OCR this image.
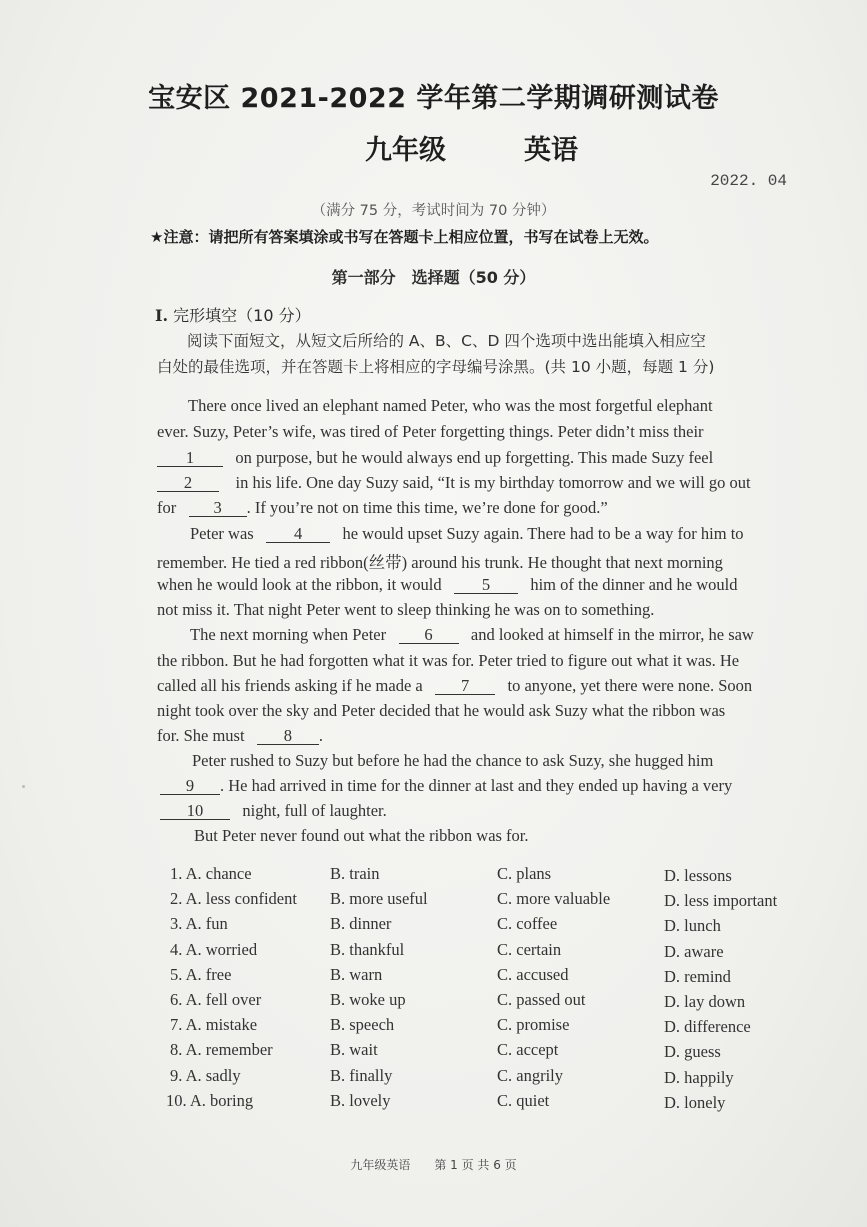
宝安区 2021-2022 学年第二学期调研测试卷
九年级	英语
2022. 04
（满分 75 分，考试时间为 70 分钟）
★注意：请把所有答案填涂或书写在答题卡上相应位置，书写在试卷上无效。
第一部分　选择题（50 分）
I. 完形填空（10 分）
阅读下面短文，从短文后所给的 A、B、C、D 四个选项中选出能填入相应空
白处的最佳选项，并在答题卡上将相应的字母编号涂黑。(共 10 小题，每题 1 分)
There once lived an elephant named Peter, who was the most forgetful elephant
ever. Suzy, Peter’s wife, was tired of Peter forgetting things. Peter didn’t miss their
1	on purpose, but he would always end up forgetting. This made Suzy feel
2	in his life. One day Suzy said, “It is my birthday tomorrow and we will go out
for 3 . If you’re not on time this time, we’re done for good.”
Peter was 4 he would upset Suzy again. There had to be a way for him to
remember. He tied a red ribbon(丝带) around his trunk. He thought that next morning
when he would look at the ribbon, it would 5 him of the dinner and he would
not miss it. That night Peter went to sleep thinking he was on to something.
The next morning when Peter 6 and looked at himself in the mirror, he saw
the ribbon. But he had forgotten what it was for. Peter tried to figure out what it was. He
called all his friends asking if he made a 7 to anyone, yet there were none. Soon
night took over the sky and Peter decided that he would ask Suzy what the ribbon was
for. She must 8 .
Peter rushed to Suzy but before he had the chance to ask Suzy, she hugged him
9 . He had arrived in time for the dinner at last and they ended up having a very
10 night, full of laughter.
But Peter never found out what the ribbon was for.
1. A. chance	B. train	C. plans	D. lessons
2. A. less confident B. more useful	C. more valuable	D. less important
3. A. fun	B. dinner	C. coffee	D. lunch
4. A. worried	B. thankful	C. certain	D. aware
5. A. free	B. warn	C. accused	D. remind
6. A. fell over	B. woke up	C. passed out	D. lay down
7. A. mistake	B. speech	C. promise	D. difference
8. A. remember	B. wait	C. accept	D. guess
9. A. sadly	B. finally	C. angrily	D. happily
10. A. boring	B. lovely	C. quiet	D. lonely
九年级英语　　第 1 页 共 6 页
